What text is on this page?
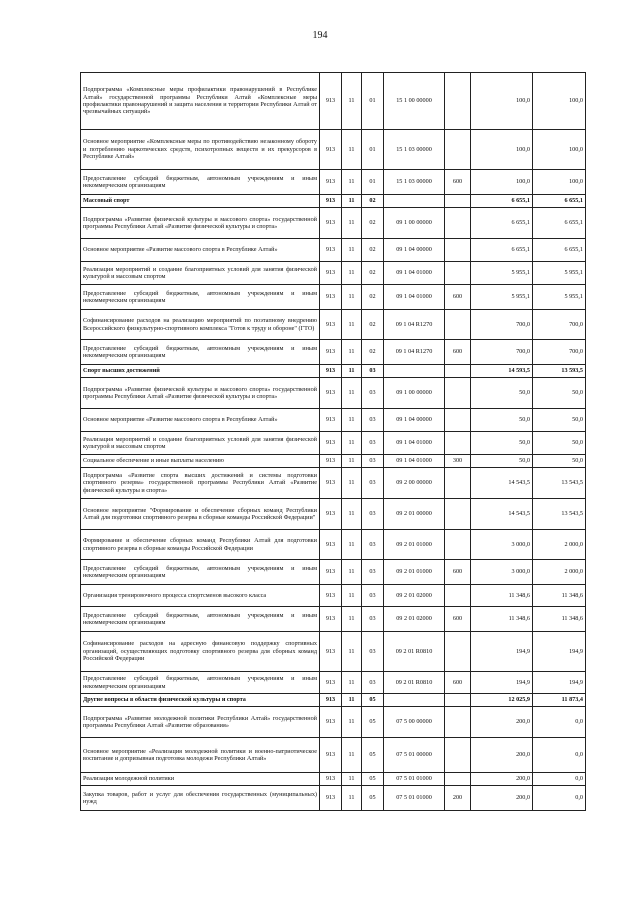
194
Подпрограмма «Комплексные меры профилактики правонарушений в Республике Алтай» государственной программы Республики Алтай «Комплексные меры профилактики правонарушений и защита населения и территории Республики Алтай от чрезвычайных ситуаций»	913	11	01	15 1 00 00000		100,0	100,0
Основное мероприятие «Комплексные меры по противодействию незаконному обороту и потреблению наркотических средств, психотропных веществ и их прекурсоров в Республике Алтай»	913	11	01	15 1 03 00000		100,0	100,0
Предоставление субсидий бюджетным, автономным учреждениям и иным некоммерческим организациям	913	11	01	15 1 03 00000	600	100,0	100,0
Массовый спорт	913	11	02			6 655,1	6 655,1
Подпрограмма «Развитие физической культуры и массового спорта» государственной программы Республики Алтай «Развитие физической культуры и спорта»	913	11	02	09 1 00 00000		6 655,1	6 655,1
Основное мероприятие «Развитие массового спорта в Республике Алтай»	913	11	02	09 1 04 00000		6 655,1	6 655,1
Реализация мероприятий и создание благоприятных условий для занятия физической культурой и массовым спортом	913	11	02	09 1 04 01000		5 955,1	5 955,1
Предоставление субсидий бюджетным, автономным учреждениям и иным некоммерческим организациям	913	11	02	09 1 04 01000	600	5 955,1	5 955,1
Софинансирование расходов на реализацию мероприятий по поэтапному внедрению Всероссийского физкультурно-спортивного комплекса "Готов к труду и обороне" (ГТО)	913	11	02	09 1 04 R1270		700,0	700,0
Предоставление субсидий бюджетным, автономным учреждениям и иным некоммерческим организациям	913	11	02	09 1 04 R1270	600	700,0	700,0
Спорт высших достижений	913	11	03			14 593,5	13 593,5
Подпрограмма «Развитие физической культуры и массового спорта» государственной программы Республики Алтай «Развитие физической культуры и спорта»	913	11	03	09 1 00 00000		50,0	50,0
Основное мероприятие «Развитие массового спорта в Республике Алтай»	913	11	03	09 1 04 00000		50,0	50,0
Реализация мероприятий и создание благоприятных условий для занятия физической культурой и массовым спортом	913	11	03	09 1 04 01000		50,0	50,0
Социальное обеспечение и иные выплаты населению	913	11	03	09 1 04 01000	300	50,0	50,0
Подпрограмма «Развитие спорта высших достижений и системы подготовки спортивного резерва» государственной программы Республики Алтай «Развитие физической культуры и спорта»	913	11	03	09 2 00 00000		14 543,5	13 543,5
Основное мероприятие "Формирование и обеспечение сборных команд Республики Алтай для подготовки спортивного резерва в сборные команды Российской Федерации"	913	11	03	09 2 01 00000		14 543,5	13 543,5
Формирование и обеспечение сборных команд Республики Алтай для подготовки спортивного резерва в сборные команды Российской Федерации	913	11	03	09 2 01 01000		3 000,0	2 000,0
Предоставление субсидий бюджетным, автономным учреждениям и иным некоммерческим организациям	913	11	03	09 2 01 01000	600	3 000,0	2 000,0
Организация тренировочного процесса спортсменов высокого класса	913	11	03	09 2 01 02000		11 348,6	11 348,6
Предоставление субсидий бюджетным, автономным учреждениям и иным некоммерческим организациям	913	11	03	09 2 01 02000	600	11 348,6	11 348,6
Софинансирование расходов на адресную финансовую поддержку спортивных организаций, осуществляющих подготовку спортивного резерва для сборных команд Российской Федерации	913	11	03	09 2 01 R0810		194,9	194,9
Предоставление субсидий бюджетным, автономным учреждениям и иным некоммерческим организациям	913	11	03	09 2 01 R0810	600	194,9	194,9
Другие вопросы в области физической культуры и спорта	913	11	05			12 025,9	11 873,4
Подпрограмма «Развитие молодежной политики Республики Алтай» государственной программы Республики Алтай «Развитие образования»	913	11	05	07 5 00 00000		200,0	0,0
Основное мероприятие «Реализация молодежной политики и военно-патриотическое воспитание и допризывная подготовка молодежи Республики Алтай»	913	11	05	07 5 01 00000		200,0	0,0
Реализация молодежной политики	913	11	05	07 5 01 01000		200,0	0,0
Закупка товаров, работ и услуг для обеспечения государственных (муниципальных) нужд	913	11	05	07 5 01 01000	200	200,0	0,0
